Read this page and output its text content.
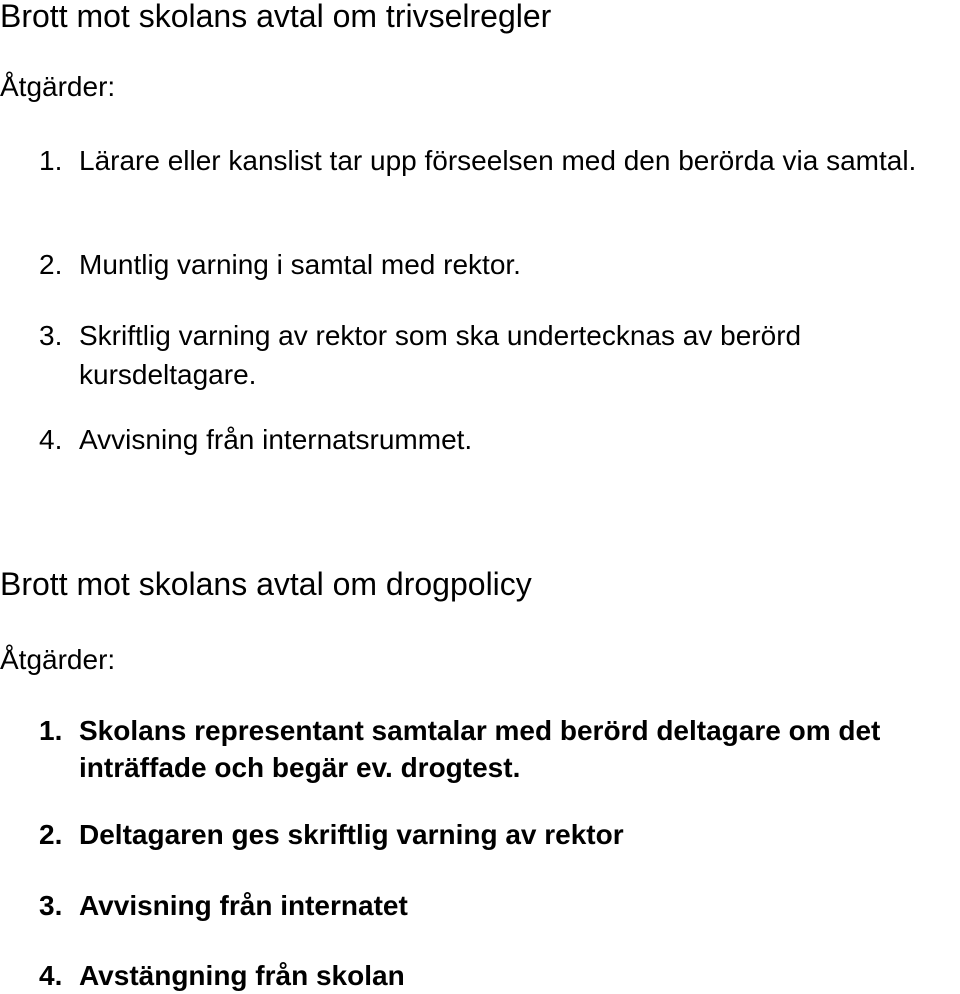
Brott mot skolans avtal om trivselregler
Åtgärder:
1. Lärare eller kanslist tar upp förseelsen med den berörda via samtal.
2. Muntlig varning i samtal med rektor.
3. Skriftlig varning av rektor som ska undertecknas av berörd kursdeltagare.
4. Avvisning från internatsrummet.
Brott mot skolans avtal om drogpolicy
Åtgärder:
1. Skolans representant samtalar med berörd deltagare om det inträffade och begär ev. drogtest.
2. Deltagaren ges skriftlig varning av rektor
3. Avvisning från internatet
4. Avstängning från skolan
